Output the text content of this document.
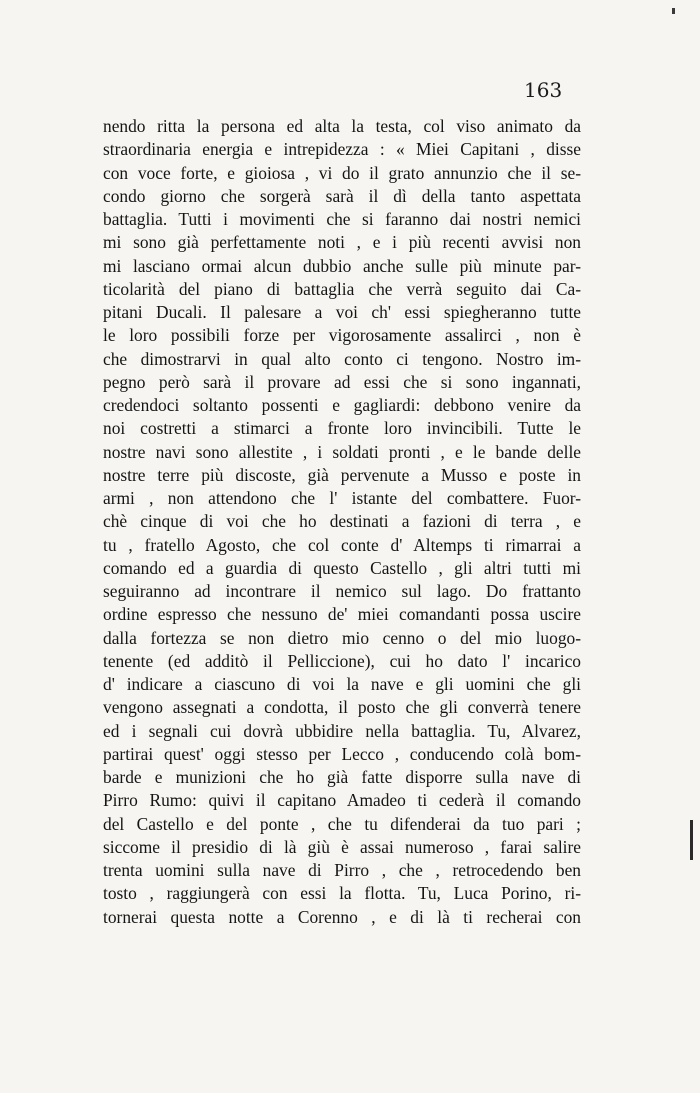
163
nendo ritta la persona ed alta la testa, col viso animato da
straordinaria energia e intrepidezza : « Miei Capitani , disse
con voce forte, e gioiosa , vi do il grato annunzio che il se-
condo giorno che sorgerà sarà il dì della tanto aspettata
battaglia. Tutti i movimenti che si faranno dai nostri nemici
mi sono già perfettamente noti , e i più recenti avvisi non
mi lasciano ormai alcun dubbio anche sulle più minute par-
ticolarità del piano di battaglia che verrà seguito dai Ca-
pitani Ducali. Il palesare a voi ch' essi spiegheranno tutte
le loro possibili forze per vigorosamente assalirci , non è
che dimostrarvi in qual alto conto ci tengono. Nostro im-
pegno però sarà il provare ad essi che si sono ingannati,
credendoci soltanto possenti e gagliardi: debbono venire da
noi costretti a stimarci a fronte loro invincibili. Tutte le
nostre navi sono allestite , i soldati pronti , e le bande delle
nostre terre più discoste, già pervenute a Musso e poste in
armi , non attendono che l' istante del combattere. Fuor-
chè cinque di voi che ho destinati a fazioni di terra , e
tu , fratello Agosto, che col conte d' Altemps ti rimarrai a
comando ed a guardia di questo Castello , gli altri tutti mi
seguiranno ad incontrare il nemico sul lago. Do frattanto
ordine espresso che nessuno de' miei comandanti possa uscire
dalla fortezza se non dietro mio cenno o del mio luogo-
tenente (ed additò il Pelliccione), cui ho dato l' incarico
d' indicare a ciascuno di voi la nave e gli uomini che gli
vengono assegnati a condotta, il posto che gli converrà tenere
ed i segnali cui dovrà ubbidire nella battaglia. Tu, Alvarez,
partirai quest' oggi stesso per Lecco , conducendo colà bom-
barde e munizioni che ho già fatte disporre sulla nave di
Pirro Rumo: quivi il capitano Amadeo ti cederà il comando
del Castello e del ponte , che tu difenderai da tuo pari ;
siccome il presidio di là giù è assai numeroso , farai salire
trenta uomini sulla nave di Pirro , che , retrocedendo ben
tosto , raggiungerà con essi la flotta. Tu, Luca Porino, ri-
tornerai questa notte a Corenno , e di là ti recherai con
